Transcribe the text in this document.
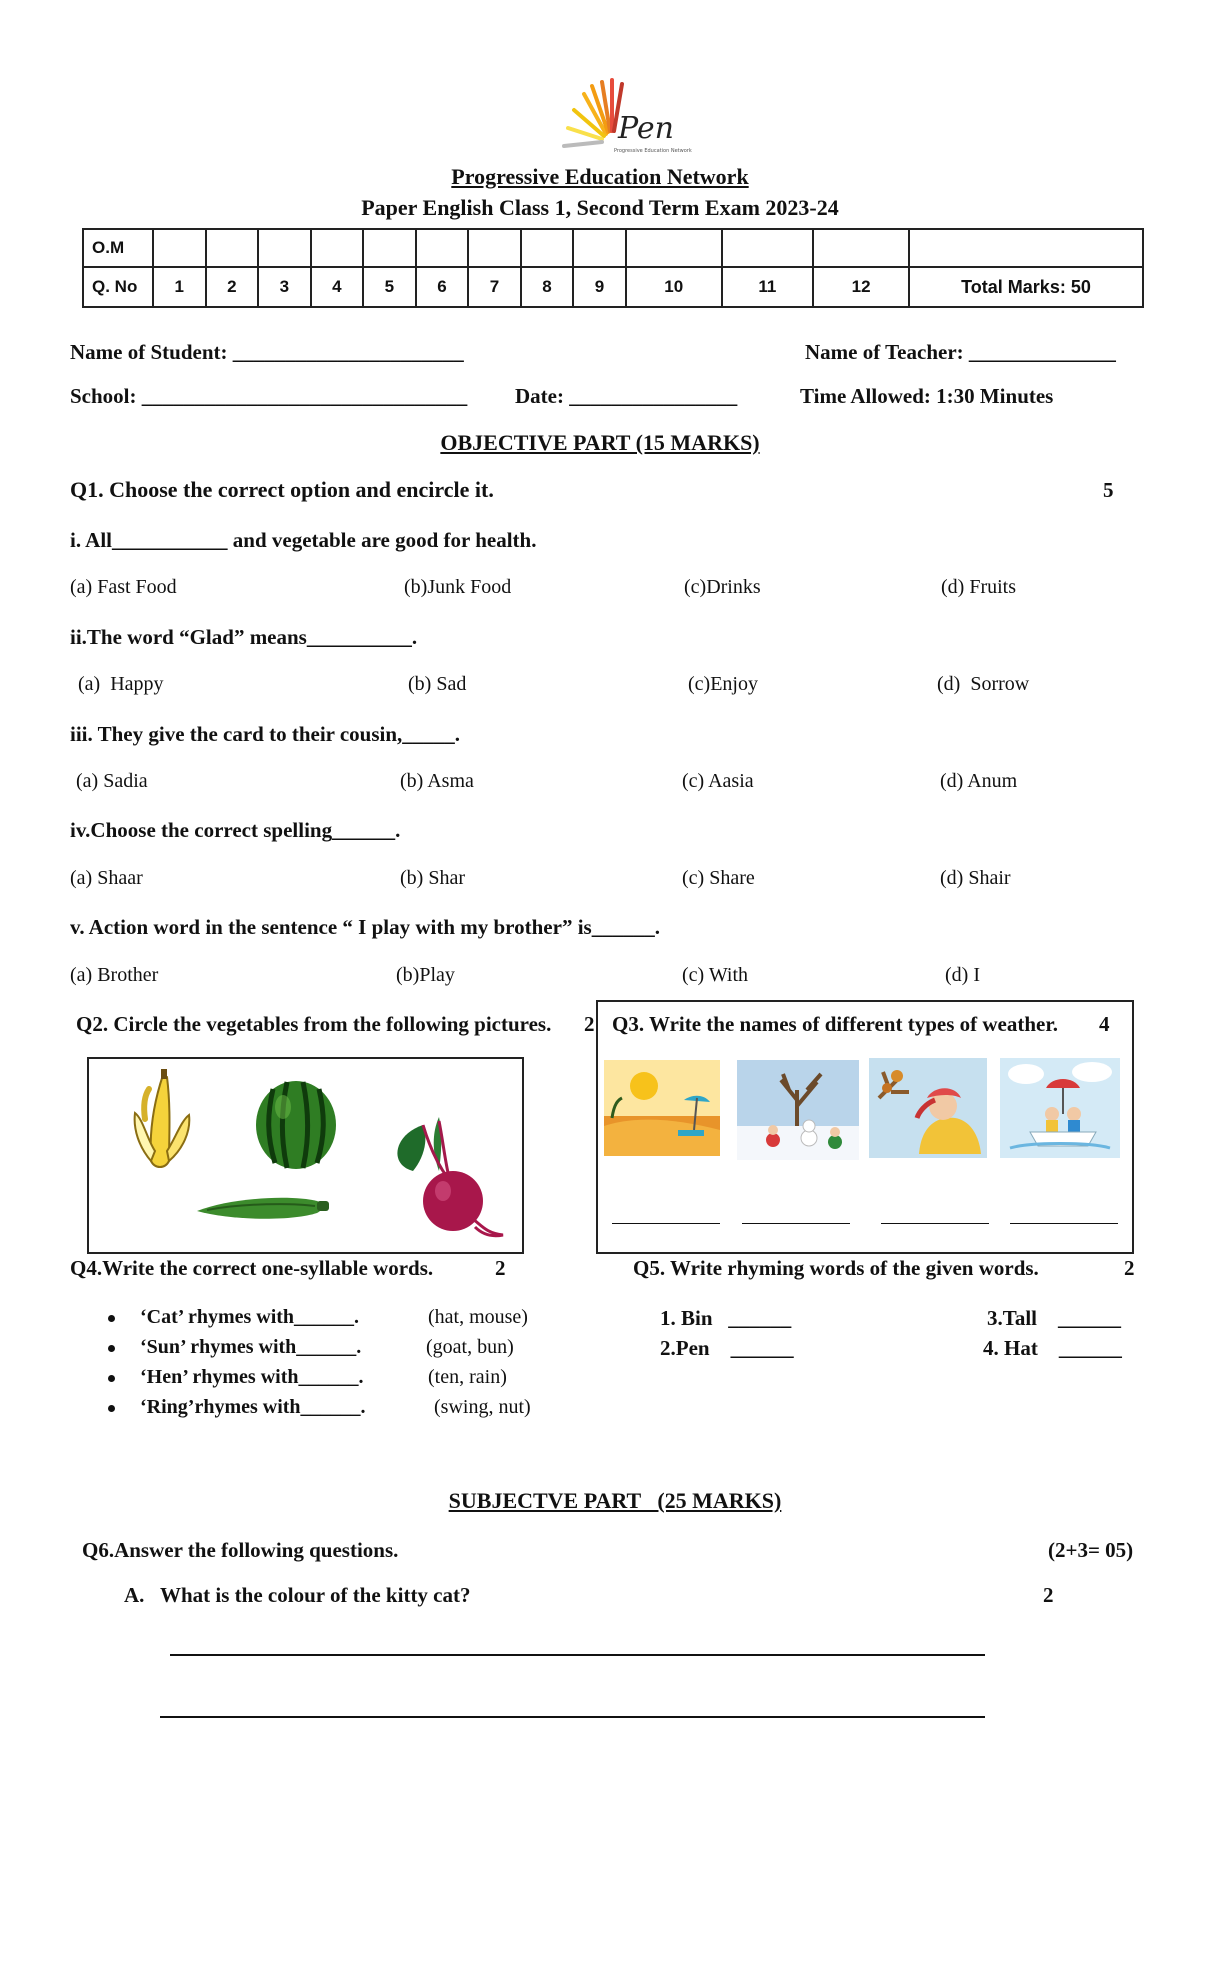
Pen
Progressive Education Network
Progressive Education Network
Paper English Class 1, Second Term Exam 2023-24
O.M													
Q. No	1	2	3	4	5	6	7	8	9	10	11	12	Total Marks: 50
Name of Student: ______________________	Name of Teacher: ______________
School: _______________________________ Date: ________________	Time Allowed: 1:30 Minutes
OBJECTIVE PART (15 MARKS)
Q1. Choose the correct option and encircle it.	5
i. All___________ and vegetable are good for health.
(a) Fast Food	(b)Junk Food	(c)Drinks	(d) Fruits
ii.The word “Glad” means__________.
(a)  Happy	(b) Sad	(c)Enjoy	(d)  Sorrow
iii. They give the card to their cousin,_____.
(a) Sadia	(b) Asma	(c) Aasia	(d) Anum
iv.Choose the correct spelling______.
(a) Shaar	(b) Shar	(c) Share	(d) Shair
v. Action word in the sentence “ I play with my brother” is______.
(a) Brother	(b)Play	(c) With	(d) I
Q2. Circle the vegetables from the following pictures. 2 Q3. Write the names of different types of weather. 4
Q4.Write the correct one-syllable words.	2
‘Cat’ rhymes with______.	(hat, mouse)
‘Sun’ rhymes with______.	(goat, bun)
‘Hen’ rhymes with______.	(ten, rain)
‘Ring’rhymes with______.	(swing, nut)
Q5. Write rhyming words of the given words.	2
1. Bin   ______
2.Pen    ______
3.Tall    ______
4. Hat    ______
SUBJECTVE PART   (25 MARKS)
Q6.Answer the following questions.	(2+3= 05)
A. What is the colour of the kitty cat?	2
